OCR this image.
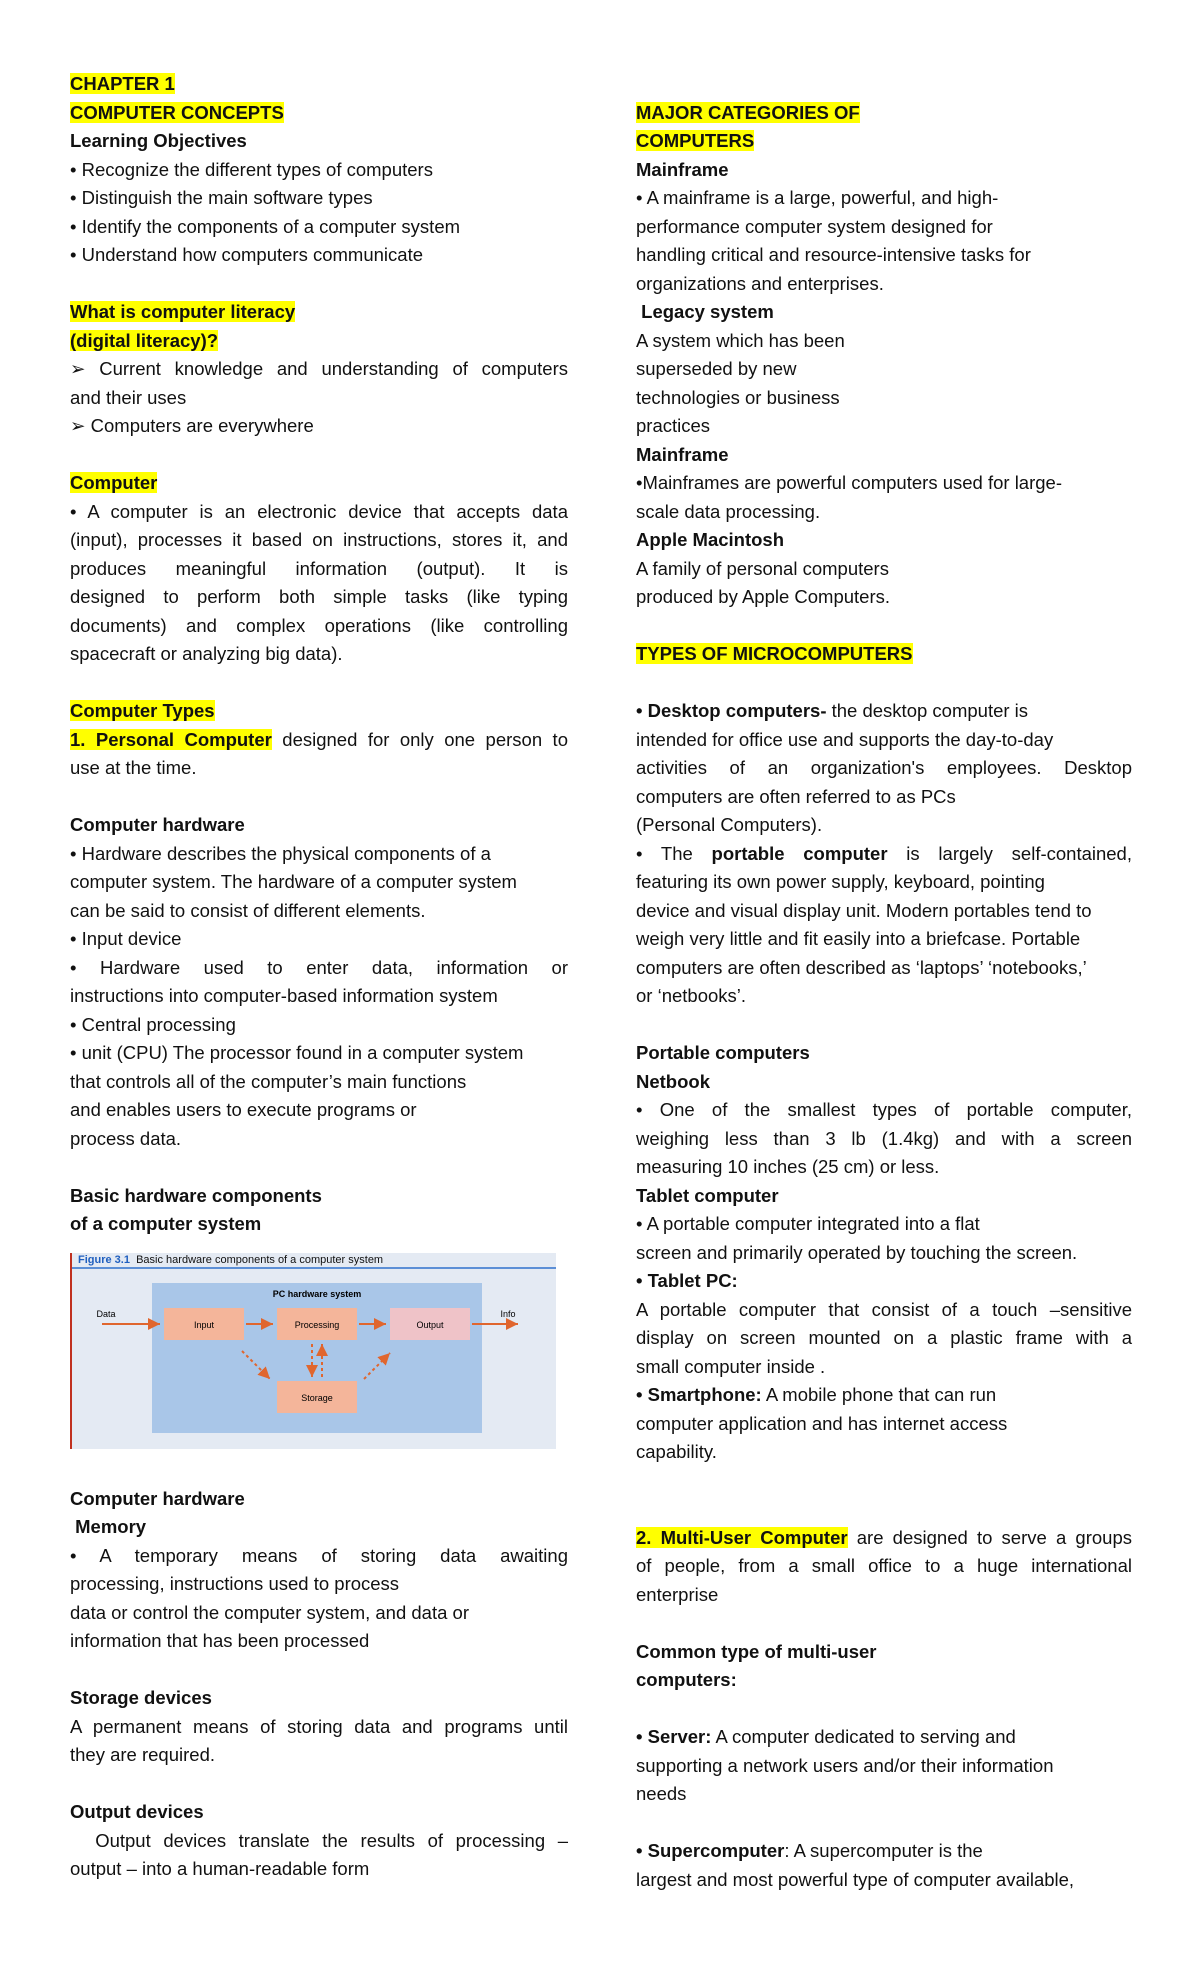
CHAPTER 1
COMPUTER CONCEPTS
Learning Objectives
• Recognize the different types of computers
• Distinguish the main software types
• Identify the components of a computer system
• Understand how computers communicate
What is computer literacy
(digital literacy)?
➢ Current knowledge and understanding of computers
and their uses
➢ Computers are everywhere
Computer
• A computer is an electronic device that accepts data
(input), processes it based on instructions, stores it, and
produces meaningful information (output). It is
designed to perform both simple tasks (like typing
documents) and complex operations (like controlling
spacecraft or analyzing big data).
Computer Types
1. Personal Computer designed for only one person to
use at the time.
Computer hardware
• Hardware describes the physical components of a
computer system. The hardware of a computer system
can be said to consist of different elements.
• Input device
• Hardware used to enter data, information or
instructions into computer-based information system
• Central processing
• unit (CPU) The processor found in a computer system
that controls all of the computer’s main functions
and enables users to execute programs or
process data.
Basic hardware components
of a computer system
PC hardware system
Input	Processing	Output
Storage
Data	Info
Figure 3.1 Basic hardware components of a computer system
Computer hardware
Memory
• A temporary means of storing data awaiting
processing, instructions used to process
data or control the computer system, and data or
information that has been processed
Storage devices
A permanent means of storing data and programs until
they are required.
Output devices
Output devices translate the results of processing –
output – into a human-readable form
MAJOR CATEGORIES OF
COMPUTERS
Mainframe
• A mainframe is a large, powerful, and high-
performance computer system designed for
handling critical and resource-intensive tasks for
organizations and enterprises.
Legacy system
A system which has been
superseded by new
technologies or business
practices
Mainframe
•Mainframes are powerful computers used for large-
scale data processing.
Apple Macintosh
A family of personal computers
produced by Apple Computers.
TYPES OF MICROCOMPUTERS
• Desktop computers- the desktop computer is
intended for office use and supports the day-to-day
activities of an organization's employees. Desktop
computers are often referred to as PCs
(Personal Computers).
• The portable computer is largely self-contained,
featuring its own power supply, keyboard, pointing
device and visual display unit. Modern portables tend to
weigh very little and fit easily into a briefcase. Portable
computers are often described as ‘laptops’ ‘notebooks,’
or ‘netbooks’.
Portable computers
Netbook
• One of the smallest types of portable computer,
weighing less than 3 lb (1.4kg) and with a screen
measuring 10 inches (25 cm) or less.
Tablet computer
• A portable computer integrated into a flat
screen and primarily operated by touching the screen.
• Tablet PC:
A portable computer that consist of a touch –sensitive
display on screen mounted on a plastic frame with a
small computer inside .
• Smartphone: A mobile phone that can run
computer application and has internet access
capability.
2. Multi-User Computer are designed to serve a groups
of people, from a small office to a huge international
enterprise
Common type of multi-user
computers:
• Server: A computer dedicated to serving and
supporting a network users and/or their information
needs
• Supercomputer: A supercomputer is the
largest and most powerful type of computer available,
